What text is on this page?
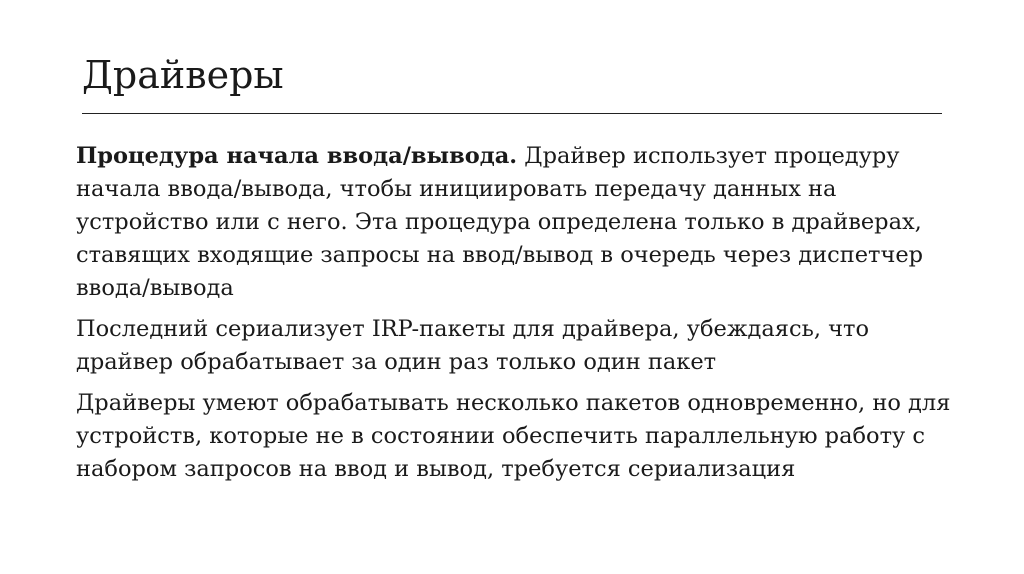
Драйверы

Процедура начала ввода/вывода. Драйвер использует процедуру начала ввода/вывода, чтобы инициировать передачу данных на устройство или с него. Эта процедура определена только в драйверах, ставящих входящие запросы на ввод/вывод в очередь через диспетчер ввода/вывода

Последний сериализует IRP-пакеты для драйвера, убеждаясь, что драйвер обрабатывает за один раз только один пакет

Драйверы умеют обрабатывать несколько пакетов одновременно, но для устройств, которые не в состоянии обеспечить параллельную работу с набором запросов на ввод и вывод, требуется сериализация
